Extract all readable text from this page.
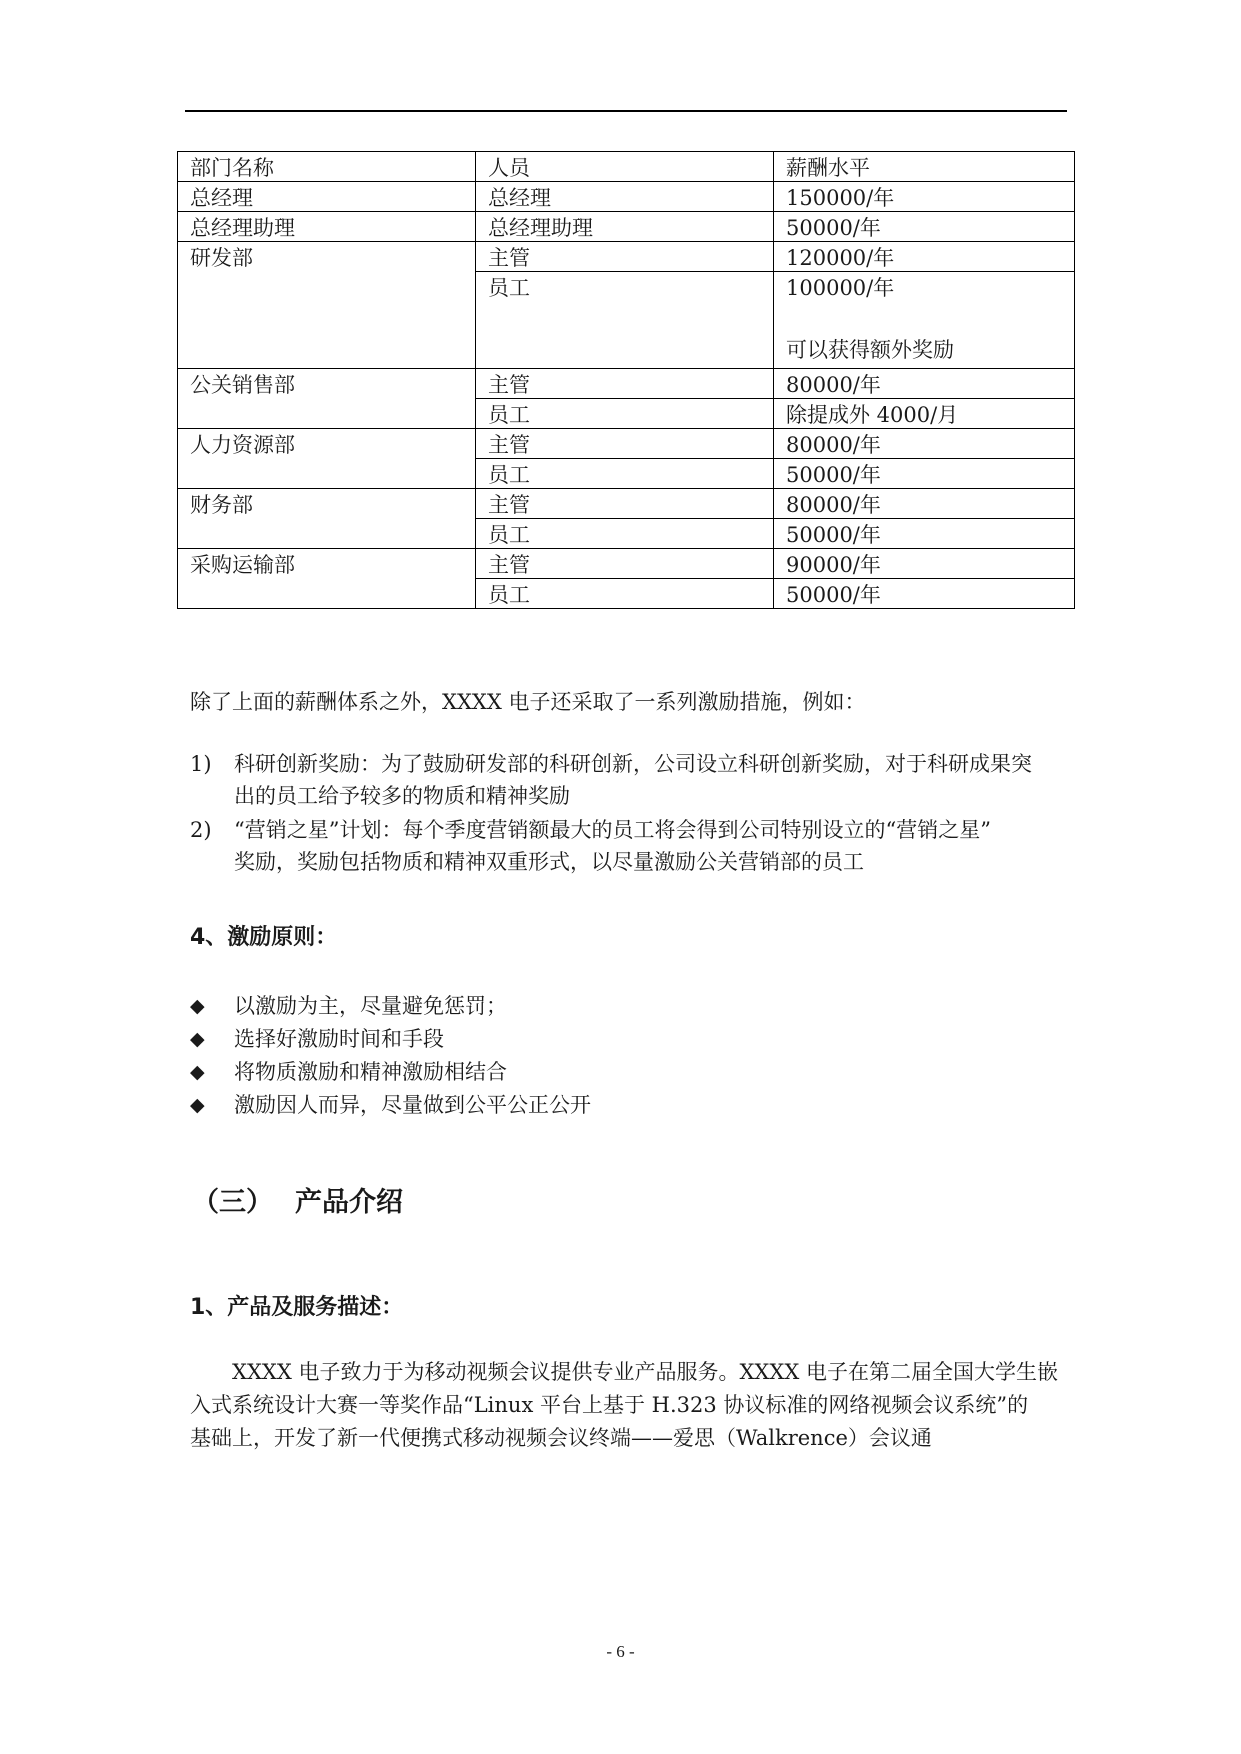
部门名称	人员	薪酬水平
总经理	总经理	150000/年
总经理助理	总经理助理	50000/年
研发部	主管	120000/年
	员工	100000/年
可以获得额外奖励

公关销售部	主管	80000/年
	员工	除提成外 4000/月
人力资源部	主管	80000/年
	员工	50000/年
财务部	主管	80000/年
	员工	50000/年
采购运输部	主管	90000/年
	员工	50000/年
除了上面的薪酬体系之外，XXXX 电子还采取了一系列激励措施，例如：
1) 科研创新奖励：为了鼓励研发部的科研创新，公司设立科研创新奖励，对于科研成果突
出的员工给予较多的物质和精神奖励
2) “营销之星”计划：每个季度营销额最大的员工将会得到公司特别设立的“营销之星”
奖励，奖励包括物质和精神双重形式，以尽量激励公关营销部的员工
4、激励原则：
◆ 以激励为主，尽量避免惩罚；
◆ 选择好激励时间和手段
◆ 将物质激励和精神激励相结合
◆ 激励因人而异，尽量做到公平公正公开
（三） 产品介绍
1、产品及服务描述：
XXXX 电子致力于为移动视频会议提供专业产品服务。XXXX 电子在第二届全国大学生嵌
入式系统设计大赛一等奖作品“Linux 平台上基于 H.323 协议标准的网络视频会议系统”的
基础上，开发了新一代便携式移动视频会议终端——爱思（Walkrence）会议通
- 6 -
